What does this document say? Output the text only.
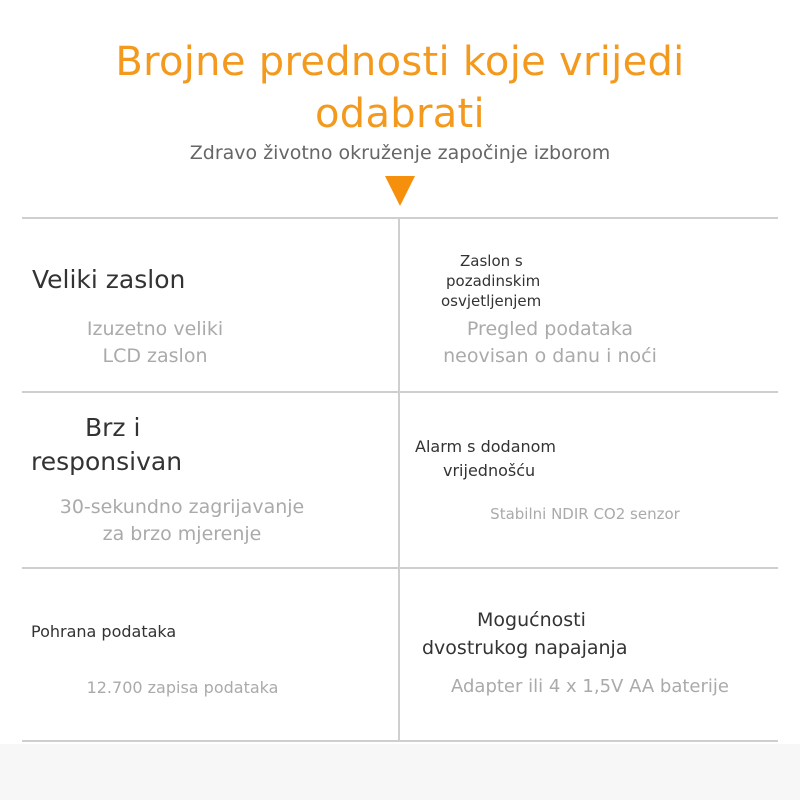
Brojne prednosti koje vrijedi
odabrati
Zdravo životno okruženje započinje izborom
Veliki zaslon
Izuzetno veliki
LCD zaslon
Zaslon s
pozadinskim
osvjetljenjem
Pregled podataka
neovisan o danu i noći
Brz i
responsivan
30-sekundno zagrijavanje
za brzo mjerenje
Alarm s dodanom
vrijednošću
Stabilni NDIR CO2 senzor
Pohrana podataka
12.700 zapisa podataka
Mogućnosti
dvostrukog napajanja
Adapter ili 4 x 1,5V AA baterije
